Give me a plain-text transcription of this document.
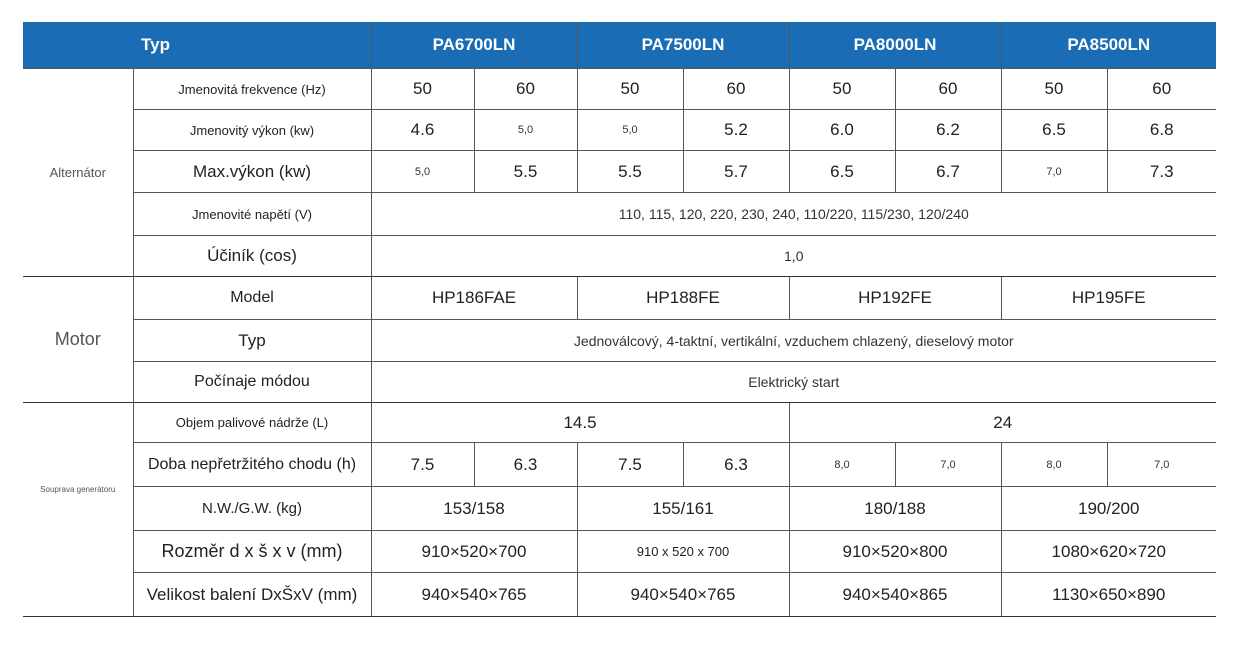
Typ		PA6700LN		PA7500LN		PA8000LN		PA8500LN	
Alternátor	Jmenovitá frekvence (Hz)	50	60	50	60	50	60	50	60
	Jmenovitý výkon (kw)	4.6	5,0	5,0	5.2	6.0	6.2	6.5	6.8
	Max.výkon (kw)	5,0	5.5	5.5	5.7	6.5	6.7	7,0	7.3
	Jmenovité napětí (V)	110, 115, 120, 220, 230, 240, 110/220, 115/230, 120/240							
	Účiník (cos)	1,0							
Motor	Model	HP186FAE		HP188FE		HP192FE		HP195FE	
	Typ	Jednoválcový, 4-taktní, vertikální, vzduchem chlazený, dieselový motor							
	Počínaje módou	Elektrický start							
Souprava generátoru	Objem palivové nádrže (L)	14.5				24			
	Doba nepřetržitého chodu (h)	7.5	6.3	7.5	6.3	8,0	7,0	8,0	7,0
	N.W./G.W. (kg)	153/158		155/161		180/188		190/200	
	Rozměr d x š x v (mm)	910×520×700		910 x 520 x 700		910×520×800		1080×620×720	
	Velikost balení DxŠxV (mm)	940×540×765		940×540×765		940×540×865		1130×650×890	
